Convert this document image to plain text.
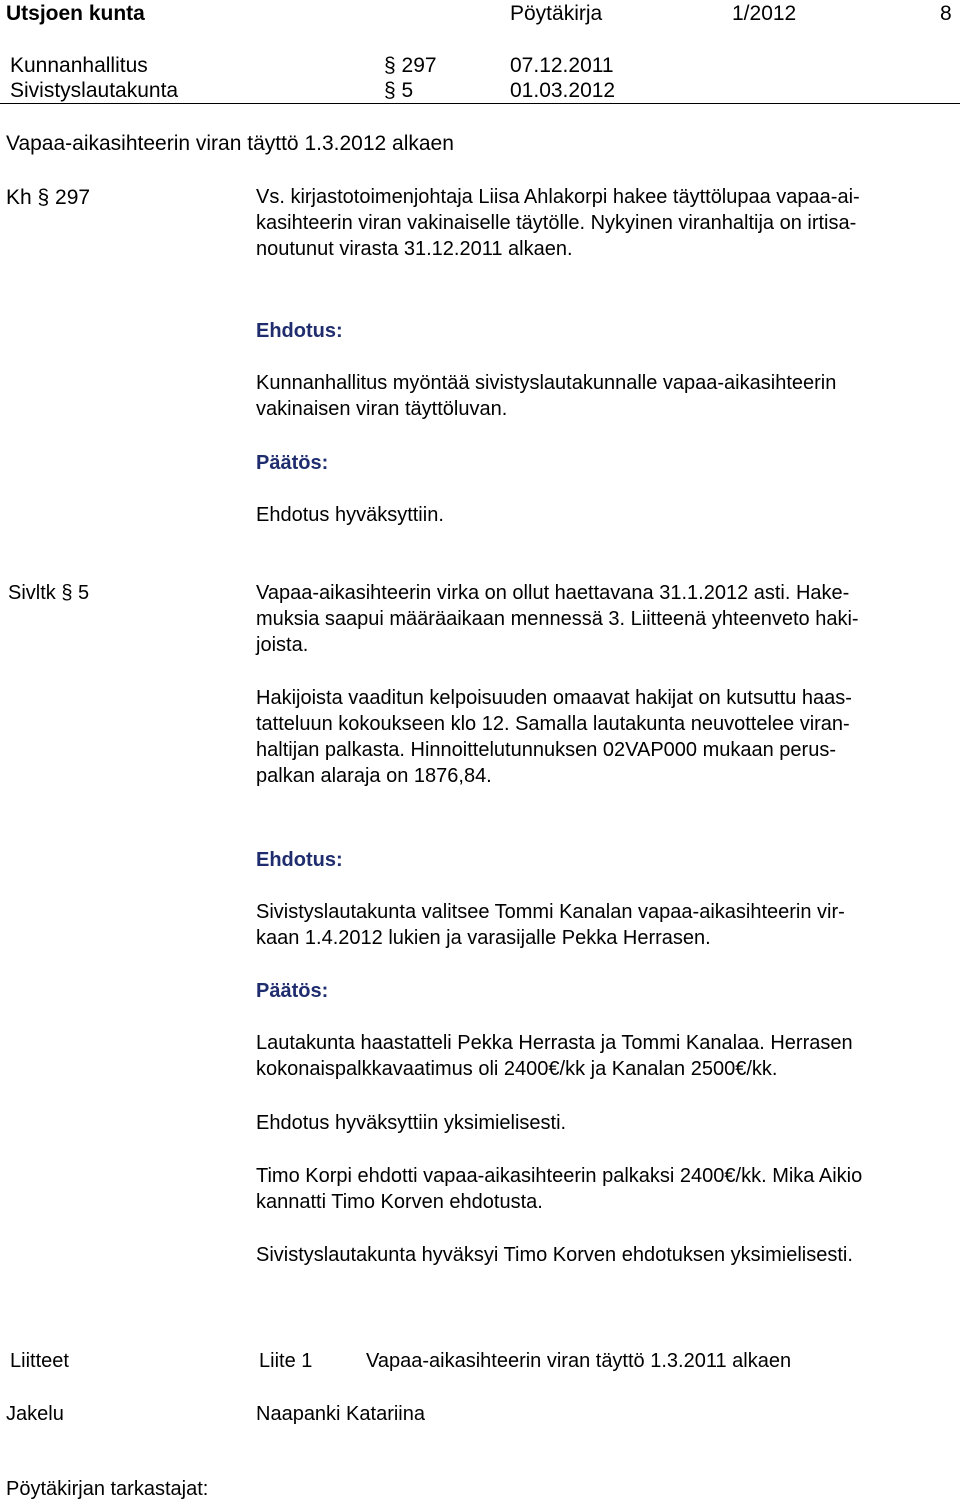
Utsjoen kunta	Pöytäkirja	1/2012	8
Kunnanhallitus	§ 297	07.12.2011
Sivistyslautakunta	§ 5	01.03.2012
Vapaa-aikasihteerin viran täyttö 1.3.2012 alkaen
Kh § 297	Vs. kirjastotoimenjohtaja Liisa Ahlakorpi hakee täyttölupaa vapaa-ai-
kasihteerin viran vakinaiselle täytölle. Nykyinen viranhaltija on irtisa-
noutunut virasta 31.12.2011 alkaen.
Ehdotus:
Kunnanhallitus myöntää sivistyslautakunnalle vapaa-aikasihteerin
vakinaisen viran täyttöluvan.
Päätös:
Ehdotus hyväksyttiin.
Sivltk § 5	Vapaa-aikasihteerin virka on ollut haettavana 31.1.2012 asti. Hake-
muksia saapui määräaikaan mennessä 3. Liitteenä yhteenveto haki-
joista.
Hakijoista vaaditun kelpoisuuden omaavat hakijat on kutsuttu haas-
tatteluun kokoukseen klo 12. Samalla lautakunta neuvottelee viran-
haltijan palkasta. Hinnoittelutunnuksen 02VAP000 mukaan perus-
palkan alaraja on 1876,84.
Ehdotus:
Sivistyslautakunta valitsee Tommi Kanalan vapaa-aikasihteerin vir-
kaan 1.4.2012 lukien ja varasijalle Pekka Herrasen.
Päätös:
Lautakunta haastatteli Pekka Herrasta ja Tommi Kanalaa. Herrasen
kokonaispalkkavaatimus oli 2400€/kk ja Kanalan 2500€/kk.
Ehdotus hyväksyttiin yksimielisesti.
Timo Korpi ehdotti vapaa-aikasihteerin palkaksi 2400€/kk. Mika Aikio
kannatti Timo Korven ehdotusta.
Sivistyslautakunta hyväksyi Timo Korven ehdotuksen yksimielisesti.
Liitteet	Liite 1	Vapaa-aikasihteerin viran täyttö 1.3.2011 alkaen
Jakelu	Naapanki Katariina
Pöytäkirjan tarkastajat:
